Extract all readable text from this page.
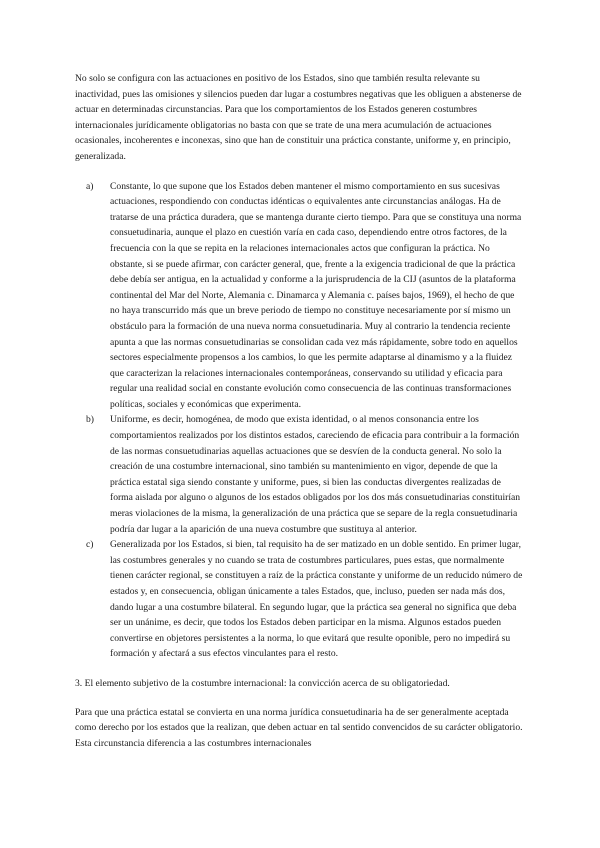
No solo se configura con las actuaciones en positivo de los Estados, sino que también resulta relevante su inactividad, pues las omisiones y silencios pueden dar lugar a costumbres negativas que les obliguen a abstenerse de actuar en determinadas circunstancias. Para que los comportamientos de los Estados generen costumbres internacionales jurídicamente obligatorias no basta con que se trate de una mera acumulación de actuaciones ocasionales, incoherentes e inconexas, sino que han de constituir una práctica constante, uniforme y, en principio, generalizada.

a) Constante, lo que supone que los Estados deben mantener el mismo comportamiento en sus sucesivas actuaciones, respondiendo con conductas idénticas o equivalentes ante circunstancias análogas. Ha de tratarse de una práctica duradera, que se mantenga durante cierto tiempo. Para que se constituya una norma consuetudinaria, aunque el plazo en cuestión varía en cada caso, dependiendo entre otros factores, de la frecuencia con la que se repita en la relaciones internacionales actos que configuran la práctica. No obstante, si se puede afirmar, con carácter general, que, frente a la exigencia tradicional de que la práctica debe debía ser antigua, en la actualidad y conforme a la jurisprudencia de la CIJ (asuntos de la plataforma continental del Mar del Norte, Alemania c. Dinamarca y Alemania c. países bajos, 1969), el hecho de que no haya transcurrido más que un breve periodo de tiempo no constituye necesariamente por sí mismo un obstáculo para la formación de una nueva norma consuetudinaria. Muy al contrario la tendencia reciente apunta a que las normas consuetudinarias se consolidan cada vez más rápidamente, sobre todo en aquellos sectores especialmente propensos a los cambios, lo que les permite adaptarse al dinamismo y a la fluidez que caracterizan la relaciones internacionales contemporáneas, conservando su utilidad y eficacia para regular una realidad social en constante evolución como consecuencia de las continuas transformaciones políticas, sociales y económicas que experimenta.
b) Uniforme, es decir, homogénea, de modo que exista identidad, o al menos consonancia entre los comportamientos realizados por los distintos estados, careciendo de eficacia para contribuir a la formación de las normas consuetudinarias aquellas actuaciones que se desvíen de la conducta general. No solo la creación de una costumbre internacional, sino también su mantenimiento en vigor, depende de que la práctica estatal siga siendo constante y uniforme, pues, si bien las conductas divergentes realizadas de forma aislada por alguno o algunos de los estados obligados por los dos más consuetudinarias constituirían meras violaciones de la misma, la generalización de una práctica que se separe de la regla consuetudinaria podría dar lugar a la aparición de una nueva costumbre que sustituya al anterior.
c) Generalizada por los Estados, si bien, tal requisito ha de ser matizado en un doble sentido. En primer lugar, las costumbres generales y no cuando se trata de costumbres particulares, pues estas, que normalmente tienen carácter regional, se constituyen a raíz de la práctica constante y uniforme de un reducido número de estados y, en consecuencia, obligan únicamente a tales Estados, que, incluso, pueden ser nada más dos, dando lugar a una costumbre bilateral. En segundo lugar, que la práctica sea general no significa que deba ser un unánime, es decir, que todos los Estados deben participar en la misma. Algunos estados pueden convertirse en objetores persistentes a la norma, lo que evitará que resulte oponible, pero no impedirá su formación y afectará a sus efectos vinculantes para el resto.

3. El elemento subjetivo de la costumbre internacional: la convicción acerca de su obligatoriedad.

Para que una práctica estatal se convierta en una norma jurídica consuetudinaria ha de ser generalmente aceptada como derecho por los estados que la realizan, que deben actuar en tal sentido convencidos de su carácter obligatorio. Esta circunstancia diferencia a las costumbres internacionales
